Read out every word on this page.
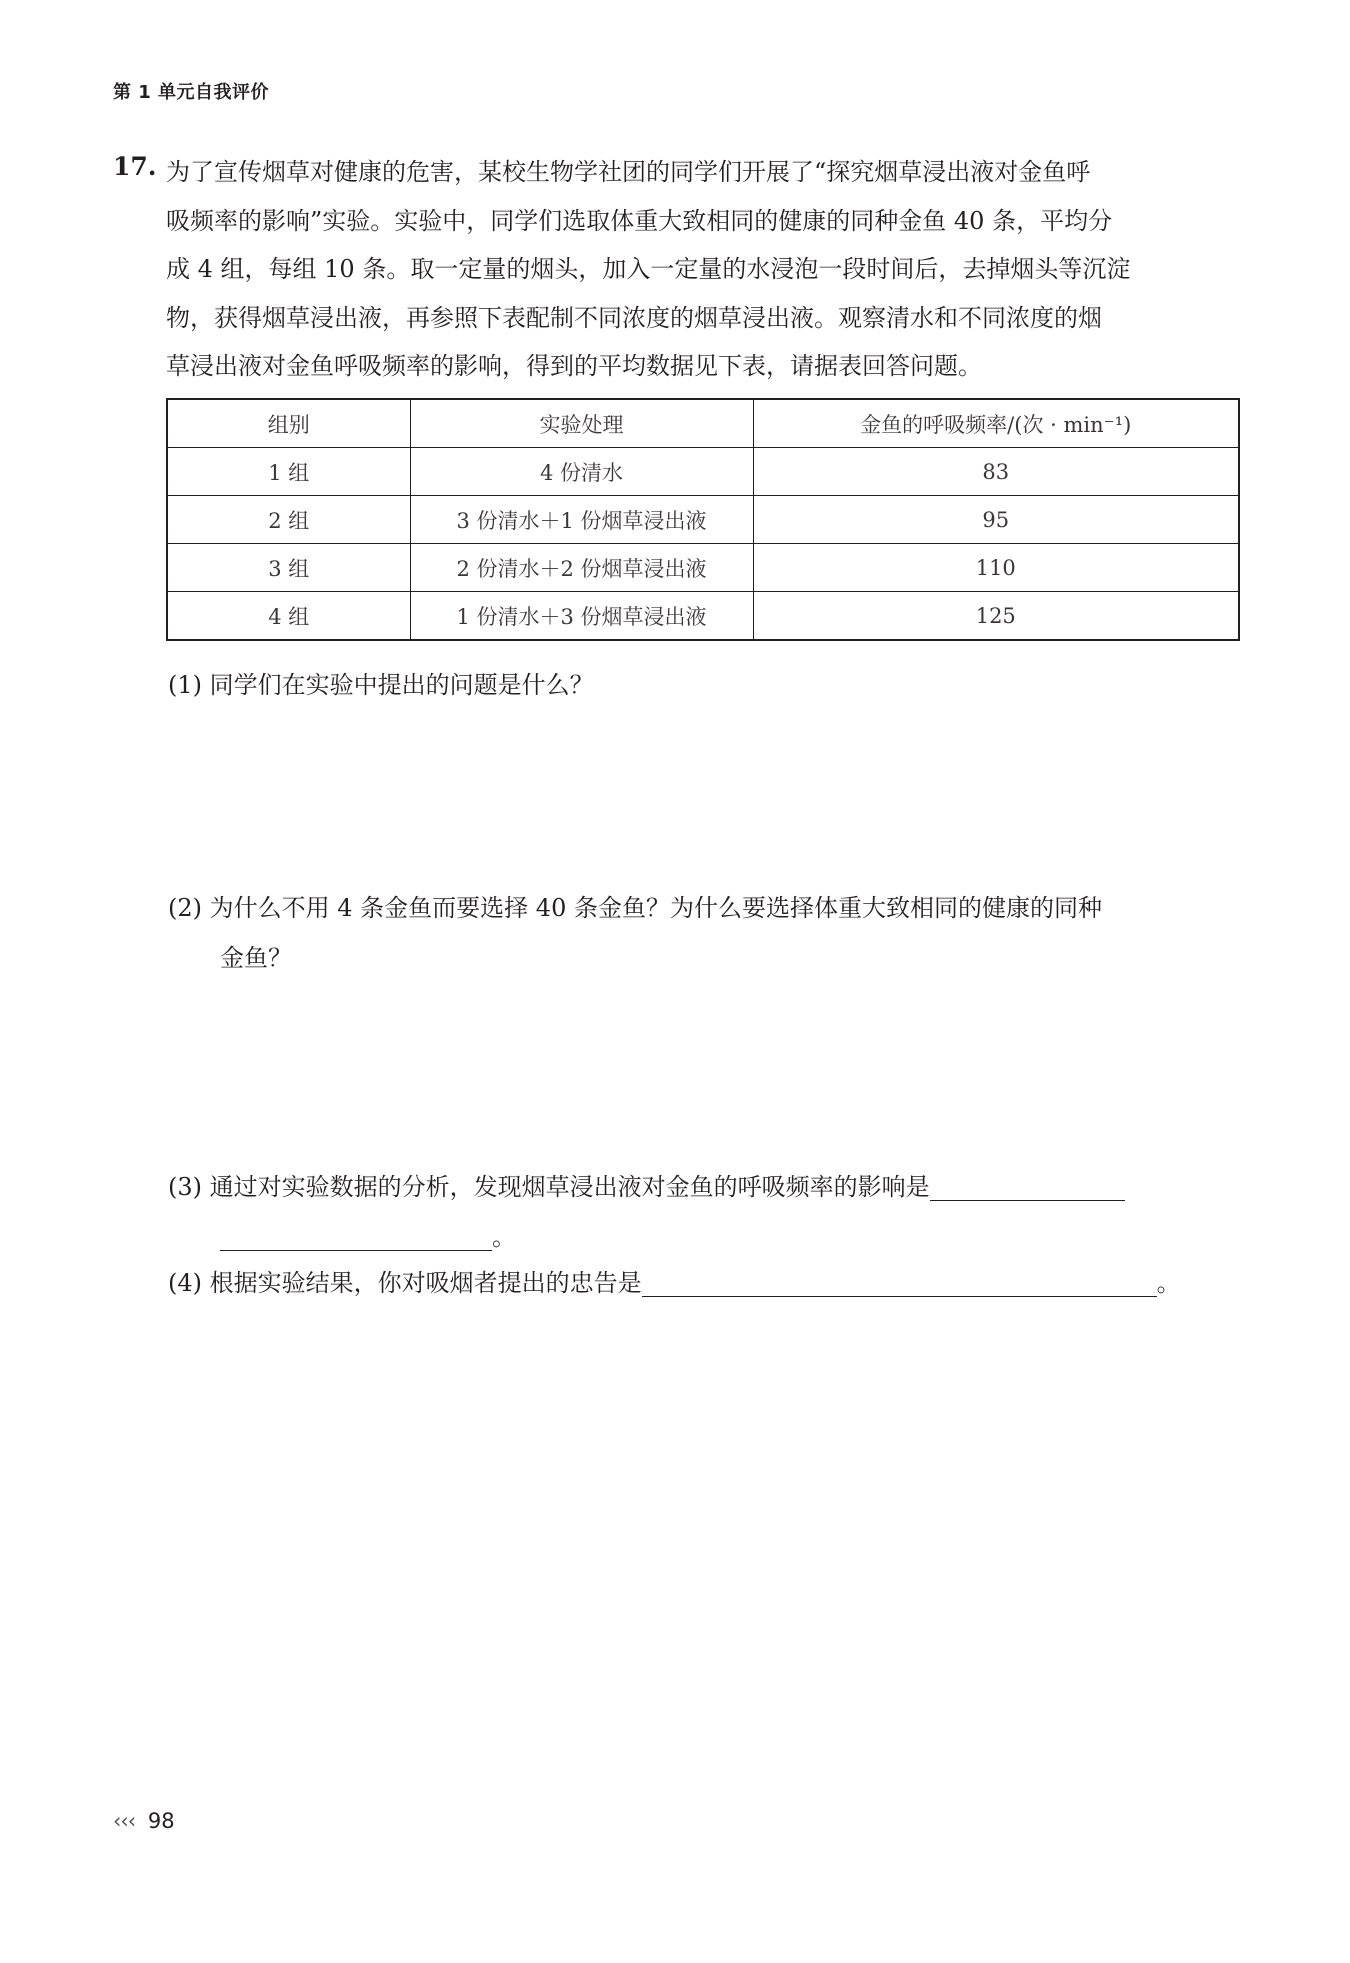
第 1 单元自我评价
17. 为了宣传烟草对健康的危害，某校生物学社团的同学们开展了“探究烟草浸出液对金鱼呼
吸频率的影响”实验。实验中，同学们选取体重大致相同的健康的同种金鱼 40 条，平均分
成 4 组，每组 10 条。取一定量的烟头，加入一定量的水浸泡一段时间后，去掉烟头等沉淀
物，获得烟草浸出液，再参照下表配制不同浓度的烟草浸出液。观察清水和不同浓度的烟
草浸出液对金鱼呼吸频率的影响，得到的平均数据见下表，请据表回答问题。
组别	实验处理	金鱼的呼吸频率/(次 · min⁻¹)
1 组	4 份清水	83
2 组	3 份清水＋1 份烟草浸出液	95
3 组	2 份清水＋2 份烟草浸出液	110
4 组	1 份清水＋3 份烟草浸出液	125
(1) 同学们在实验中提出的问题是什么？
(2) 为什么不用 4 条金鱼而要选择 40 条金鱼？为什么要选择体重大致相同的健康的同种
金鱼？
(3) 通过对实验数据的分析，发现烟草浸出液对金鱼的呼吸频率的影响是
。
(4) 根据实验结果，你对吸烟者提出的忠告是	。
‹‹‹ 98
